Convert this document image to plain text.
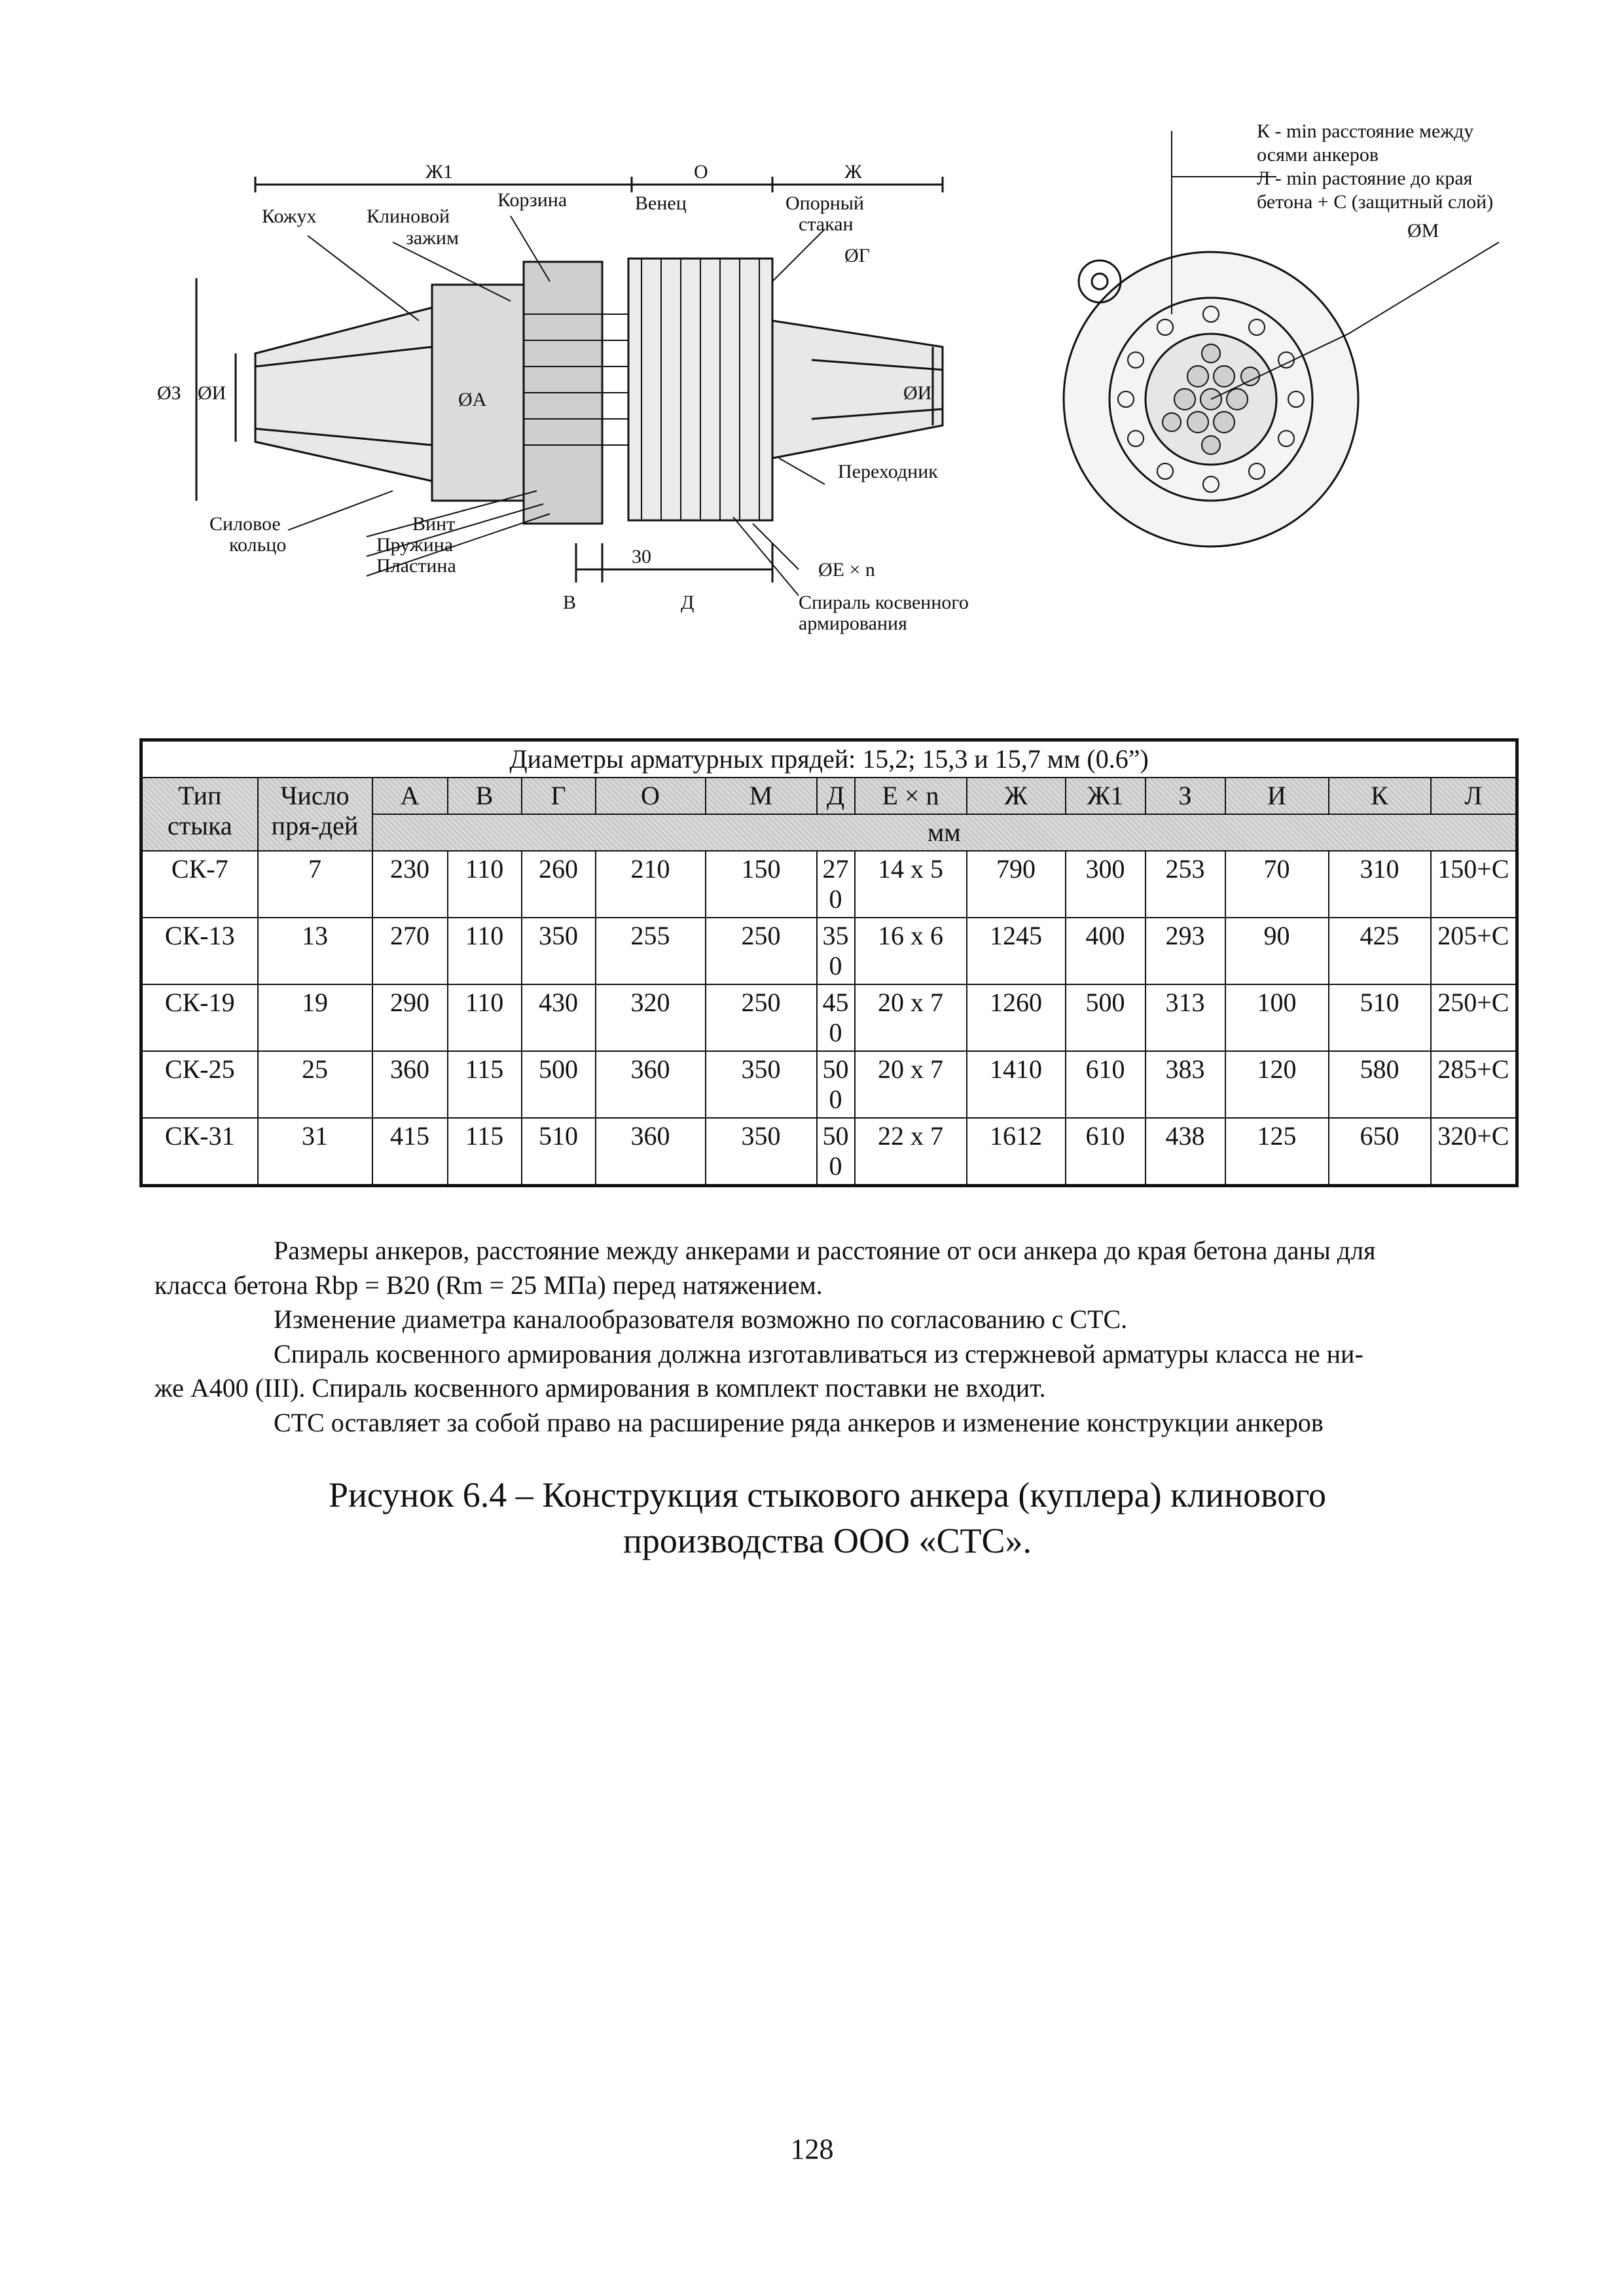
Ж1	О	Ж
Кожух	Клиновой
зажим
Корзина	Венец	Опорный
стакан
ØГ
ØЗ ØИ	ØА	ØИ
Переходник
Силовое
кольцо
Винт
Пружина
Пластина	30
ØЕ × n
В	Д	Спираль косвенного
армирования
К - min расстояние между
осями анкеров
Л - min растояние до края
бетона + С (защитный слой)
ØM
Диаметры арматурных прядей: 15,2; 15,3 и 15,7 мм (0.6”)														
Тип стыка	Число пря-дей	А	В	Г	О	М	Д	Е × n	Ж	Ж1	З	И	К	Л
		мм												
СК-7	7	230	110	260	210	150	270	14 х 5	790	300	253	70	310	150+С
СК-13	13	270	110	350	255	250	350	16 х 6	1245	400	293	90	425	205+С
СК-19	19	290	110	430	320	250	450	20 х 7	1260	500	313	100	510	250+С
СК-25	25	360	115	500	360	350	500	20 х 7	1410	610	383	120	580	285+С
СК-31	31	415	115	510	360	350	500	22 х 7	1612	610	438	125	650	320+С
Размеры анкеров, расстояние между анкерами и расстояние от оси анкера до края бетона даны для
класса бетона Rbp = B20 (Rm = 25 МПа) перед натяжением.
Изменение диаметра каналообразователя возможно по согласованию с СТС.
Спираль косвенного армирования должна изготавливаться из стержневой арматуры класса не ни-
же А400 (III). Спираль косвенного армирования в комплект поставки не входит.
СТС оставляет за собой право на расширение ряда анкеров и изменение конструкции анкеров
Рисунок 6.4 – Конструкция стыкового анкера (куплера) клинового
производства ООО «СТС».
128
